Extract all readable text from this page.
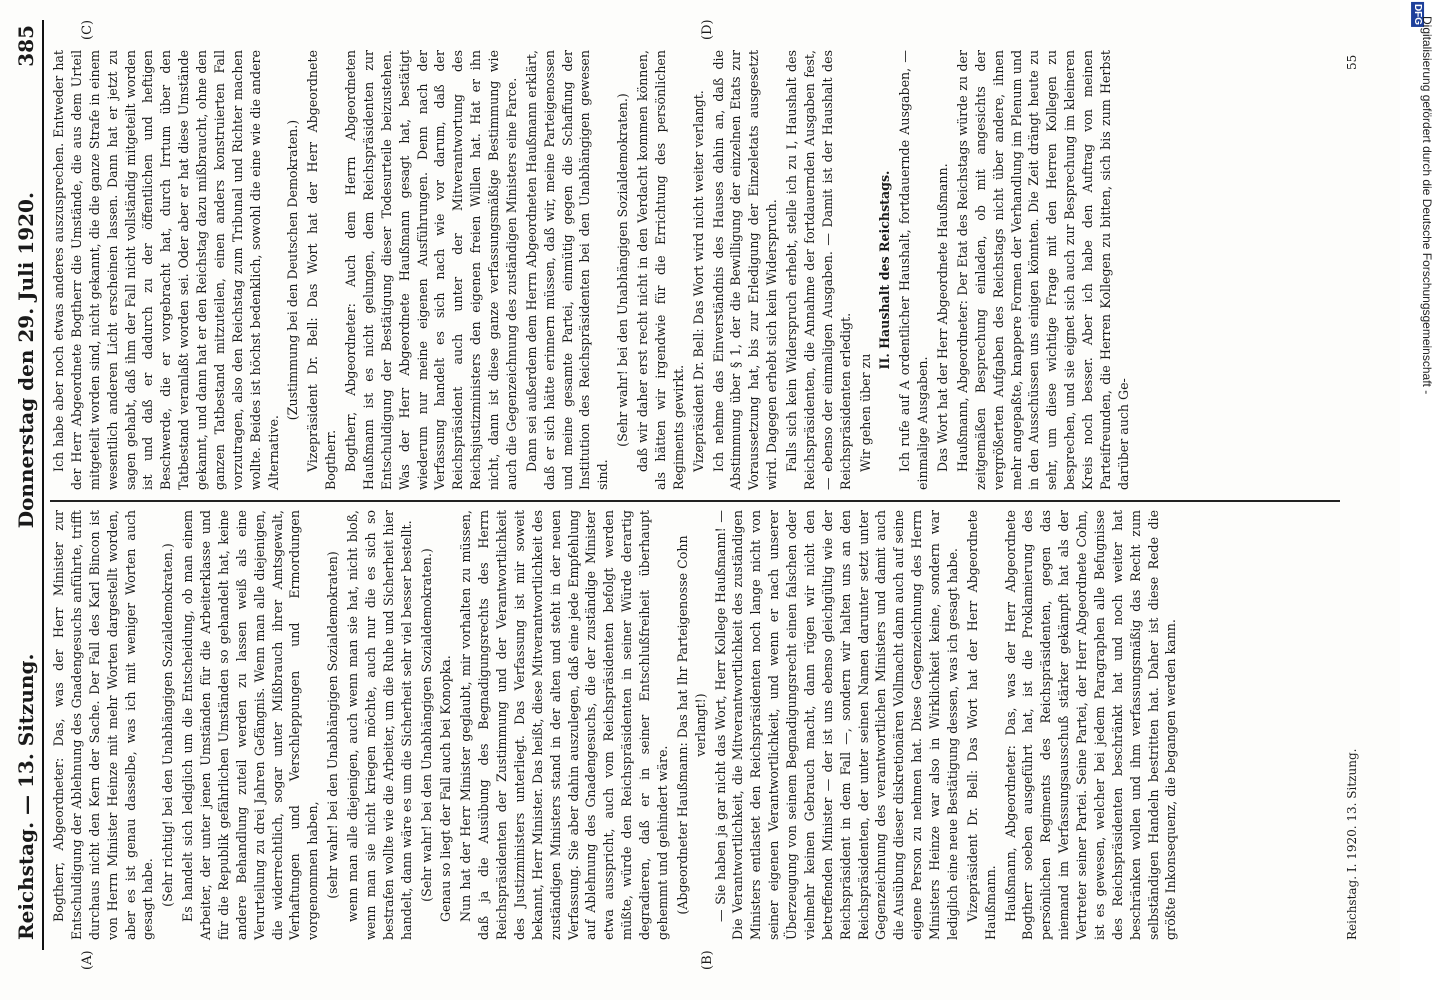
Reichstag. — 13. Sitzung.
Donnerstag den 29. Juli 1920.
385
(A)	(B)
(C)	(D)

Bogtherr, Abgeordneter: Das, was der Herr Minister zur Entschuldigung der Ablehnung des Gnadengesuchs anführte, trifft durchaus nicht den Kern der Sache. Der Fall des Karl Bincon ist von Herrn Minister Heinze mit mehr Worten dargestellt worden, aber es ist genau dasselbe, was ich mit weniger Worten auch gesagt habe. (Sehr richtig! bei den Unabhängigen Sozialdemokraten.) Es handelt sich lediglich um die Entscheidung, ob man einem Arbeiter, der unter jenen Umständen für die Arbeiterklasse und für die Republik gefährlichen Umständen so gehandelt hat, keine andere Behandlung zuteil werden zu lassen weiß als eine Verurteilung zu drei Jahren Gefängnis. Wenn man alle diejenigen, die widerrechtlich, sogar unter Mißbrauch ihrer Amtsgewalt, Verhaftungen und Verschleppungen und Ermordungen vorgenommen haben, (sehr wahr! bei den Unabhängigen Sozialdemokraten) wenn man alle diejenigen, auch wenn man sie hat, nicht bloß, wenn man sie nicht kriegen möchte, auch nur die es sich so bestrafen wollte wie die Arbeiter, um die Ruhe und Sicherheit hier handelt, dann wäre es um die Sicherheit sehr viel besser bestellt. (Sehr wahr! bei den Unabhängigen Sozialdemokraten.) Genau so liegt der Fall auch bei Konopka. Nun hat der Herr Minister geglaubt, mir vorhalten zu müssen, daß ja die Ausübung des Begnadigungsrechts des Herrn Reichspräsidenten der Zustimmung und der Verantwortlichkeit des Justizministers unterliegt. Das Verfassung ist mir soweit bekannt, Herr Minister. Das heißt, diese Mitverantwortlichkeit des zuständigen Ministers stand in der alten und steht in der neuen Verfassung. Sie aber dahin auszulegen, daß eine jede Empfehlung auf Ablehnung des Gnadengesuchs, die der zuständige Minister etwa ausspricht, auch vom Reichspräsidenten befolgt werden müßte, würde den Reichspräsidenten in seiner Würde derartig degradieren, daß er in seiner Entschlußfreiheit überhaupt gehemmt und gehindert wäre. (Abgeordneter Haußmann: Das hat Ihr Parteigenosse Cohn verlangt!) — Sie haben ja gar nicht das Wort, Herr Kollege Haußmann! — Die Verantwortlichkeit, die Mitverantwortlichkeit des zuständigen Ministers entlastet den Reichspräsidenten noch lange nicht von seiner eigenen Verantwortlichkeit, und wenn er nach unserer Überzeugung von seinem Begnadigungsrecht einen falschen oder vielmehr keinen Gebrauch macht, dann rügen wir nicht den betreffenden Minister — der ist uns ebenso gleichgültig wie der Reichspräsident in dem Fall —, sondern wir halten uns an den Reichspräsidenten, der unter seinen Namen darunter setzt unter Gegenzeichnung des verantwortlichen Ministers und damit auch die Ausübung dieser diskretionären Vollmacht dann auch auf seine eigene Person zu nehmen hat. Diese Gegenzeichnung des Herrn Ministers Heinze war also in Wirklichkeit keine, sondern war lediglich eine neue Bestätigung dessen, was ich gesagt habe. Vizepräsident Dr. Bell: Das Wort hat der Herr Abgeordnete Haußmann. Haußmann, Abgeordneter: Das, was der Herr Abgeordnete Bogtherr soeben ausgeführt hat, ist die Proklamierung des persönlichen Regiments des Reichspräsidenten, gegen das niemand im Verfassungsausschuß stärker gekämpft hat als der Vertreter seiner Partei. Seine Partei, der Herr Abgeordnete Cohn, ist es gewesen, welcher bei jedem Paragraphen alle Befugnisse des Reichspräsidenten beschränkt hat und noch weiter hat beschränken wollen und ihm verfassungsmäßig das Recht zum selbständigen Handeln bestritten hat. Daher ist diese Rede die größte Inkonsequenz, die begangen werden kann.

Ich habe aber noch etwas anderes auszusprechen. Entweder hat der Herr Abgeordnete Bogtherr die Umstände, die aus dem Urteil mitgeteilt worden sind, nicht gekannt, die die ganze Strafe in einem wesentlich anderen Licht erscheinen lassen. Dann hat er jetzt zu sagen gehabt, daß ihm der Fall nicht vollständig mitgeteilt worden ist und daß er dadurch zu der öffentlichen und heftigen Beschwerde, die er vorgebracht hat, durch Irrtum über den Tatbestand veranlaßt worden sei. Oder aber er hat diese Umstände gekannt, und dann hat er den Reichstag dazu mißbraucht, ohne den ganzen Tatbestand mitzuteilen, einen anders konstruierten Fall vorzutragen, also den Reichstag zum Tribunal und Richter machen wollte. Beides ist höchst bedenklich, sowohl die eine wie die andere Alternative.

(Zustimmung bei den Deutschen Demokraten.) Vizepräsident Dr. Bell: Das Wort hat der Herr Abgeordnete Bogtherr. Bogtherr, Abgeordneter: Auch dem Herrn Abgeordneten Haußmann ist es nicht gelungen, dem Reichspräsidenten zur Entschuldigung der Bestätigung dieser Todesurteile beizustehen. Was der Herr Abgeordnete Haußmann gesagt hat, bestätigt wiederum nur meine eigenen Ausführungen. Denn nach der Verfassung handelt es sich nach wie vor darum, daß der Reichspräsident auch unter der Mitverantwortung des Reichsjustizministers den eigenen freien Willen hat. Hat er ihn nicht, dann ist diese ganze verfassungsmäßige Bestimmung wie auch die Gegenzeichnung des zuständigen Ministers eine Farce. Dann sei außerdem dem Herrn Abgeordneten Haußmann erklärt, daß er sich hätte erinnern müssen, daß wir, meine Parteigenossen und meine gesamte Partei, einmütig gegen die Schaffung der Institution des Reichspräsidenten bei den Unabhängigen gewesen sind.

(Sehr wahr! bei den Unabhängigen Sozialdemokraten.) daß wir daher erst recht nicht in den Verdacht kommen können, als hätten wir irgendwie für die Errichtung des persönlichen Regiments gewirkt. Vizepräsident Dr. Bell: Das Wort wird nicht weiter verlangt. Ich nehme das Einverständnis des Hauses dahin an, daß die Abstimmung über § 1, der die Bewilligung der einzelnen Etats zur Voraussetzung hat, bis zur Erledigung der Einzeletats ausgesetzt wird. Dagegen erhebt sich kein Widerspruch. Falls sich kein Widerspruch erhebt, stelle ich zu I, Haushalt des Reichspräsidenten, die Annahme der fortdauernden Ausgaben fest, — ebenso der einmaligen Ausgaben. — Damit ist der Haushalt des Reichspräsidenten erledigt. Wir gehen über zu

II. Haushalt des Reichstags. Ich rufe auf A ordentlicher Haushalt, fortdauernde Ausgaben, — einmalige Ausgaben. Das Wort hat der Herr Abgeordnete Haußmann. Haußmann, Abgeordneter: Der Etat des Reichstags würde zu der zeitgemäßen Besprechung einladen, ob mit angesichts der vergrößerten Aufgaben des Reichstags nicht über andere, ihnen mehr angepaßte, knappere Formen der Verhandlung im Plenum und in den Ausschüssen uns einigen könnten. Die Zeit drängt heute zu sehr, um diese wichtige Frage mit den Herren Kollegen zu besprechen, und sie eignet sich auch zur Besprechung im kleineren Kreis noch besser. Aber ich habe den Auftrag von meinen Parteifreunden, die Herren Kollegen zu bitten, sich bis zum Herbst darüber auch Ge-

Reichstag. I. 1920. 13. Sitzung.
55
DFG
Digitalisierung gefördert durch die Deutsche Forschungsgemeinschaft -
